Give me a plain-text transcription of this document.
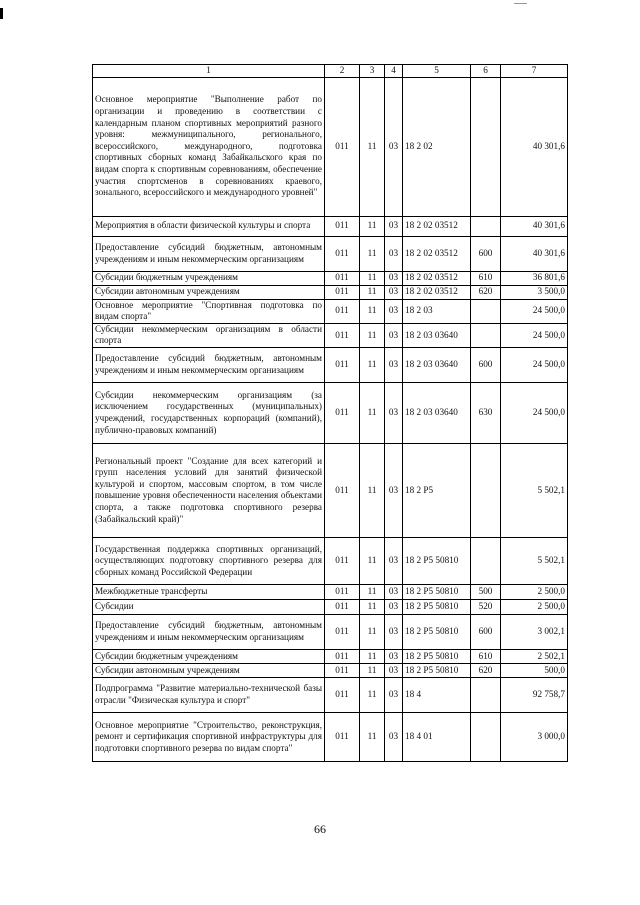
1	2	3	4	5	6	7
Основное мероприятие "Выполнение работ по организации и проведению в соответствии с календарным планом спортивных мероприятий разного уровня: межмуниципального, регионального, всероссийского, международного, подготовка спортивных сборных команд Забайкальского края по видам спорта к спортивным соревнованиям, обеспечение участия спортсменов в соревнованиях краевого, зонального, всероссийского и международного уровней"	011	11	03	18 2 02		40 301,6
Мероприятия в области физической культуры и спорта	011	11	03	18 2 02 03512		40 301,6
Предоставление субсидий бюджетным, автономным учреждениям и иным некоммерческим организациям	011	11	03	18 2 02 03512	600	40 301,6
Субсидии бюджетным учреждениям	011	11	03	18 2 02 03512	610	36 801,6
Субсидии автономным учреждениям	011	11	03	18 2 02 03512	620	3 500,0
Основное мероприятие "Спортивная подготовка по видам спорта"	011	11	03	18 2 03		24 500,0
Субсидии некоммерческим организациям в области спорта	011	11	03	18 2 03 03640		24 500,0
Предоставление субсидий бюджетным, автономным учреждениям и иным некоммерческим организациям	011	11	03	18 2 03 03640	600	24 500,0
Субсидии некоммерческим организациям (за исключением государственных (муниципальных) учреждений, государственных корпораций (компаний), публично-правовых компаний)	011	11	03	18 2 03 03640	630	24 500,0
Региональный проект "Создание для всех категорий и групп населения условий для занятий физической культурой и спортом, массовым спортом, в том числе повышение уровня обеспеченности населения объектами спорта, а также подготовка спортивного резерва (Забайкальский край)"	011	11	03	18 2 P5		5 502,1
Государственная поддержка спортивных организаций, осуществляющих подготовку спортивного резерва для сборных команд Российской Федерации	011	11	03	18 2 P5 50810		5 502,1
Межбюджетные трансферты	011	11	03	18 2 P5 50810	500	2 500,0
Субсидии	011	11	03	18 2 P5 50810	520	2 500,0
Предоставление субсидий бюджетным, автономным учреждениям и иным некоммерческим организациям	011	11	03	18 2 P5 50810	600	3 002,1
Субсидии бюджетным учреждениям	011	11	03	18 2 P5 50810	610	2 502,1
Субсидии автономным учреждениям	011	11	03	18 2 P5 50810	620	500,0
Подпрограмма "Развитие материально-технической базы отрасли "Физическая культура и спорт"	011	11	03	18 4		92 758,7
Основное мероприятие "Строительство, реконструкция, ремонт и сертификация спортивной инфраструктуры для подготовки спортивного резерва по видам спорта"	011	11	03	18 4 01		3 000,0
66
